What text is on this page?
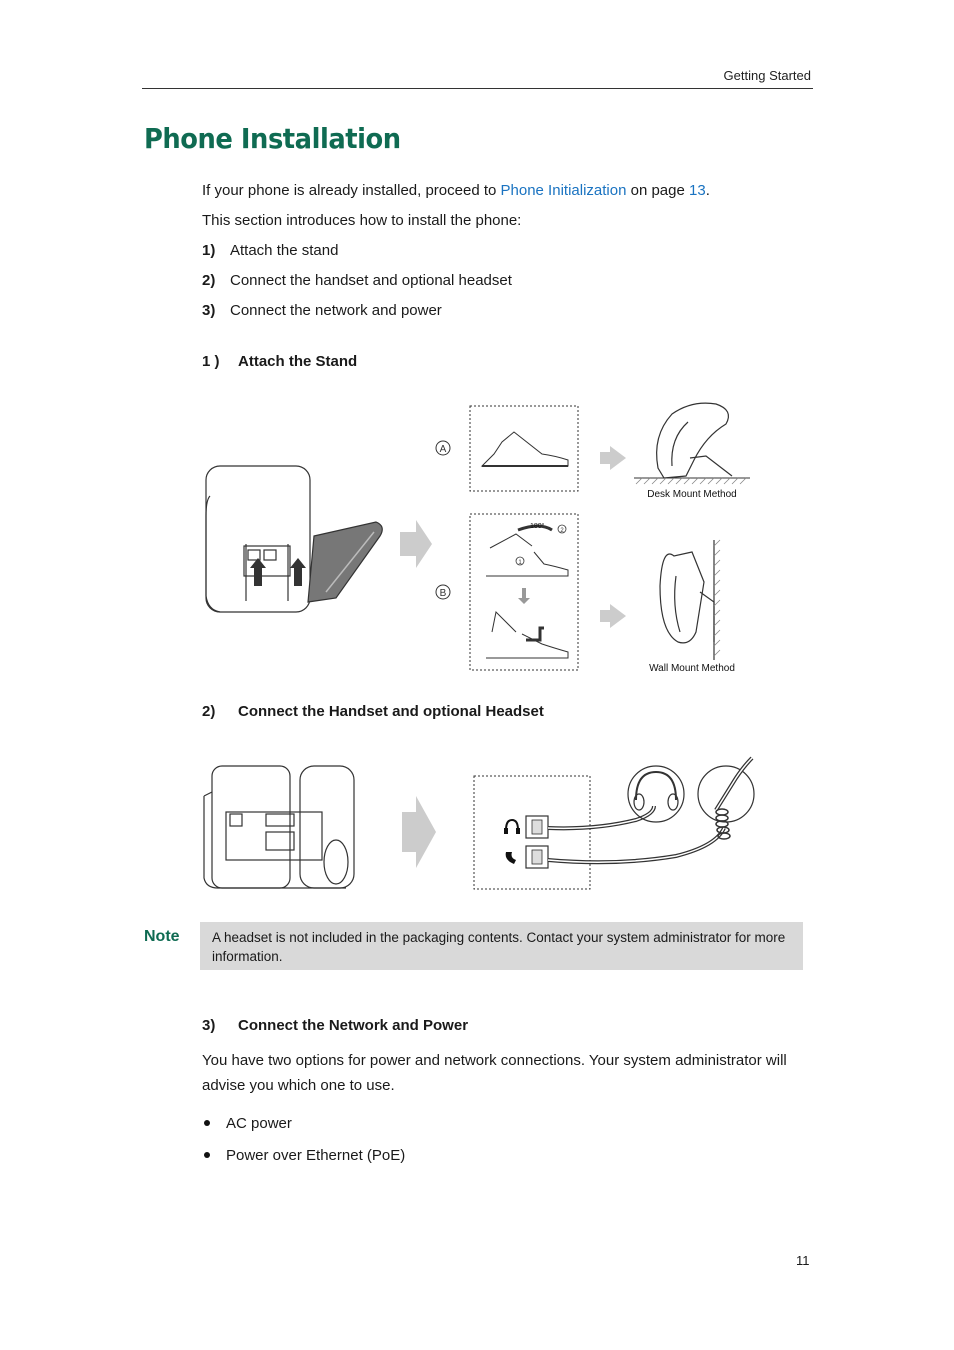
Getting Started
Phone Installation
If your phone is already installed, proceed to Phone Initialization on page 13.
This section introduces how to install the phone:
1) Attach the stand
2) Connect the handset and optional headset
3) Connect the network and power
1 ) Attach the Stand
A
B
180°
2
1
Desk Mount Method
Wall Mount Method
2) Connect the Handset and optional Headset
Note A headset is not included in the packaging contents. Contact your system administrator for more information.
3) Connect the Network and Power
You have two options for power and network connections. Your system administrator will
advise you which one to use.
AC power
Power over Ethernet (PoE)
11
